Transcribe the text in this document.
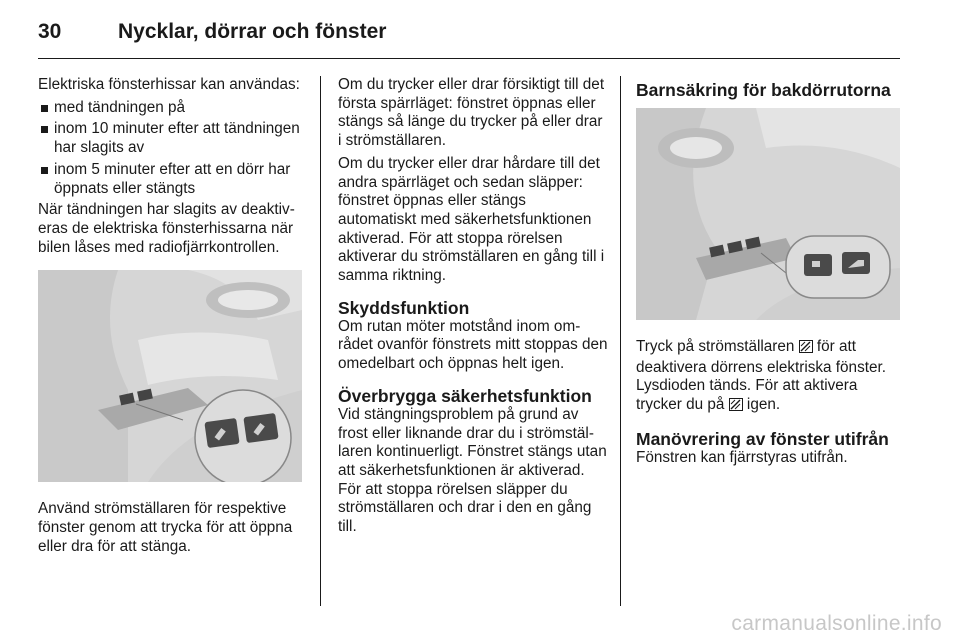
30	Nycklar, dörrar och fönster

Elektriska fönsterhissar kan användas:

med tändningen på
inom 10 minuter efter att tändningen har slagits av
inom 5 minuter efter att en dörr har öppnats eller stängts

När tändningen har slagits av deaktiveras de elektriska fönsterhissarna när bilen låses med radiofjärrkontrollen.

Använd strömställaren för respektive fönster genom att trycka för att öppna eller dra för att stänga.

Om du trycker eller drar försiktigt till det första spärrläget: fönstret öppnas eller stängs så länge du trycker på eller drar i strömställaren.

Om du trycker eller drar hårdare till det andra spärrläget och sedan släpper: fönstret öppnas eller stängs automatiskt med säkerhetsfunktionen aktiverad. För att stoppa rörelsen aktiverar du strömställaren en gång till i samma riktning.

Skyddsfunktion

Om rutan möter motstånd inom området ovanför fönstrets mitt stoppas den omedelbart och öppnas helt igen.

Överbrygga säkerhetsfunktion

Vid stängningsproblem på grund av frost eller liknande drar du i strömställaren kontinuerligt. Fönstret stängs utan att säkerhetsfunktionen är aktiverad. För att stoppa rörelsen släpper du strömställaren och drar i den en gång till.

Barnsäkring för bakdörrutorna

Tryck på strömställaren för att deaktivera dörrens elektriska fönster. Lysdioden tänds. För att aktivera trycker du på igen.

Manövrering av fönster utifrån

Fönstren kan fjärrstyras utifrån.

carmanualsonline.info
